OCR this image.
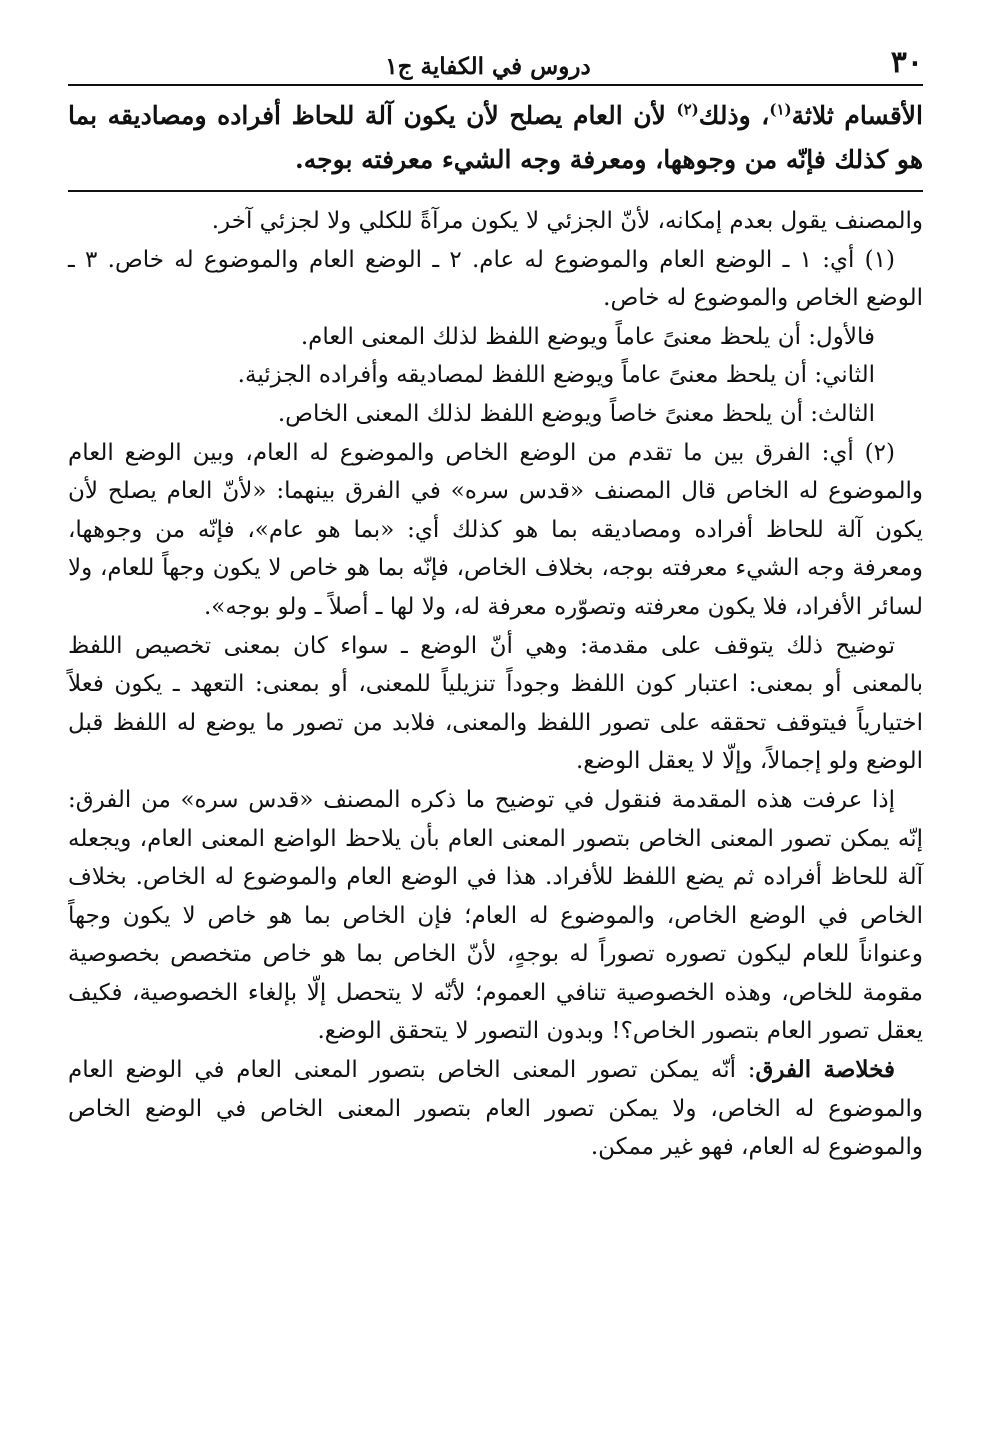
٣٠
دروس في الكفاية ج١

الأقسام ثلاثة$^{(١)}$، وذلك$^{(٢)}$ لأن العام يصلح لأن يكون آلة للحاظ أفراده ومصاديقه بما هو كذلك فإنّه من وجوهها، ومعرفة وجه الشيء معرفته بوجه.

والمصنف يقول بعدم إمكانه، لأنّ الجزئي لا يكون مرآةً للكلي ولا لجزئي آخر.

(١) أي: ١ ـ الوضع العام والموضوع له عام. ٢ ـ الوضع العام والموضوع له خاص. ٣ ـ الوضع الخاص والموضوع له خاص.

فالأول: أن يلحظ معنىً عاماً ويوضع اللفظ لذلك المعنى العام.

الثاني: أن يلحظ معنىً عاماً ويوضع اللفظ لمصاديقه وأفراده الجزئية.

الثالث: أن يلحظ معنىً خاصاً ويوضع اللفظ لذلك المعنى الخاص.

(٢) أي: الفرق بين ما تقدم من الوضع الخاص والموضوع له العام، وبين الوضع العام والموضوع له الخاص قال المصنف «قدس سره» في الفرق بينهما: «لأنّ العام يصلح لأن يكون آلة للحاظ أفراده ومصاديقه بما هو كذلك أي: «بما هو عام»، فإنّه من وجوهها، ومعرفة وجه الشيء معرفته بوجه، بخلاف الخاص، فإنّه بما هو خاص لا يكون وجهاً للعام، ولا لسائر الأفراد، فلا يكون معرفته وتصوّره معرفة له، ولا لها ـ أصلاً ـ ولو بوجه».

توضيح ذلك يتوقف على مقدمة: وهي أنّ الوضع ـ سواء كان بمعنى تخصيص اللفظ بالمعنى أو بمعنى: اعتبار كون اللفظ وجوداً تنزيلياً للمعنى، أو بمعنى: التعهد ـ يكون فعلاً اختيارياً فيتوقف تحققه على تصور اللفظ والمعنى، فلابد من تصور ما يوضع له اللفظ قبل الوضع ولو إجمالاً، وإلّا لا يعقل الوضع.

إذا عرفت هذه المقدمة فنقول في توضيح ما ذكره المصنف «قدس سره» من الفرق: إنّه يمكن تصور المعنى الخاص بتصور المعنى العام بأن يلاحظ الواضع المعنى العام، ويجعله آلة للحاظ أفراده ثم يضع اللفظ للأفراد. هذا في الوضع العام والموضوع له الخاص. بخلاف الخاص في الوضع الخاص، والموضوع له العام؛ فإن الخاص بما هو خاص لا يكون وجهاً وعنواناً للعام ليكون تصوره تصوراً له بوجهٍ، لأنّ الخاص بما هو خاص متخصص بخصوصية مقومة للخاص، وهذه الخصوصية تنافي العموم؛ لأنّه لا يتحصل إلّا بإلغاء الخصوصية، فكيف يعقل تصور العام بتصور الخاص؟! وبدون التصور لا يتحقق الوضع.

فخلاصة الفرق: أنّه يمكن تصور المعنى الخاص بتصور المعنى العام في الوضع العام والموضوع له الخاص، ولا يمكن تصور العام بتصور المعنى الخاص في الوضع الخاص والموضوع له العام، فهو غير ممكن.
